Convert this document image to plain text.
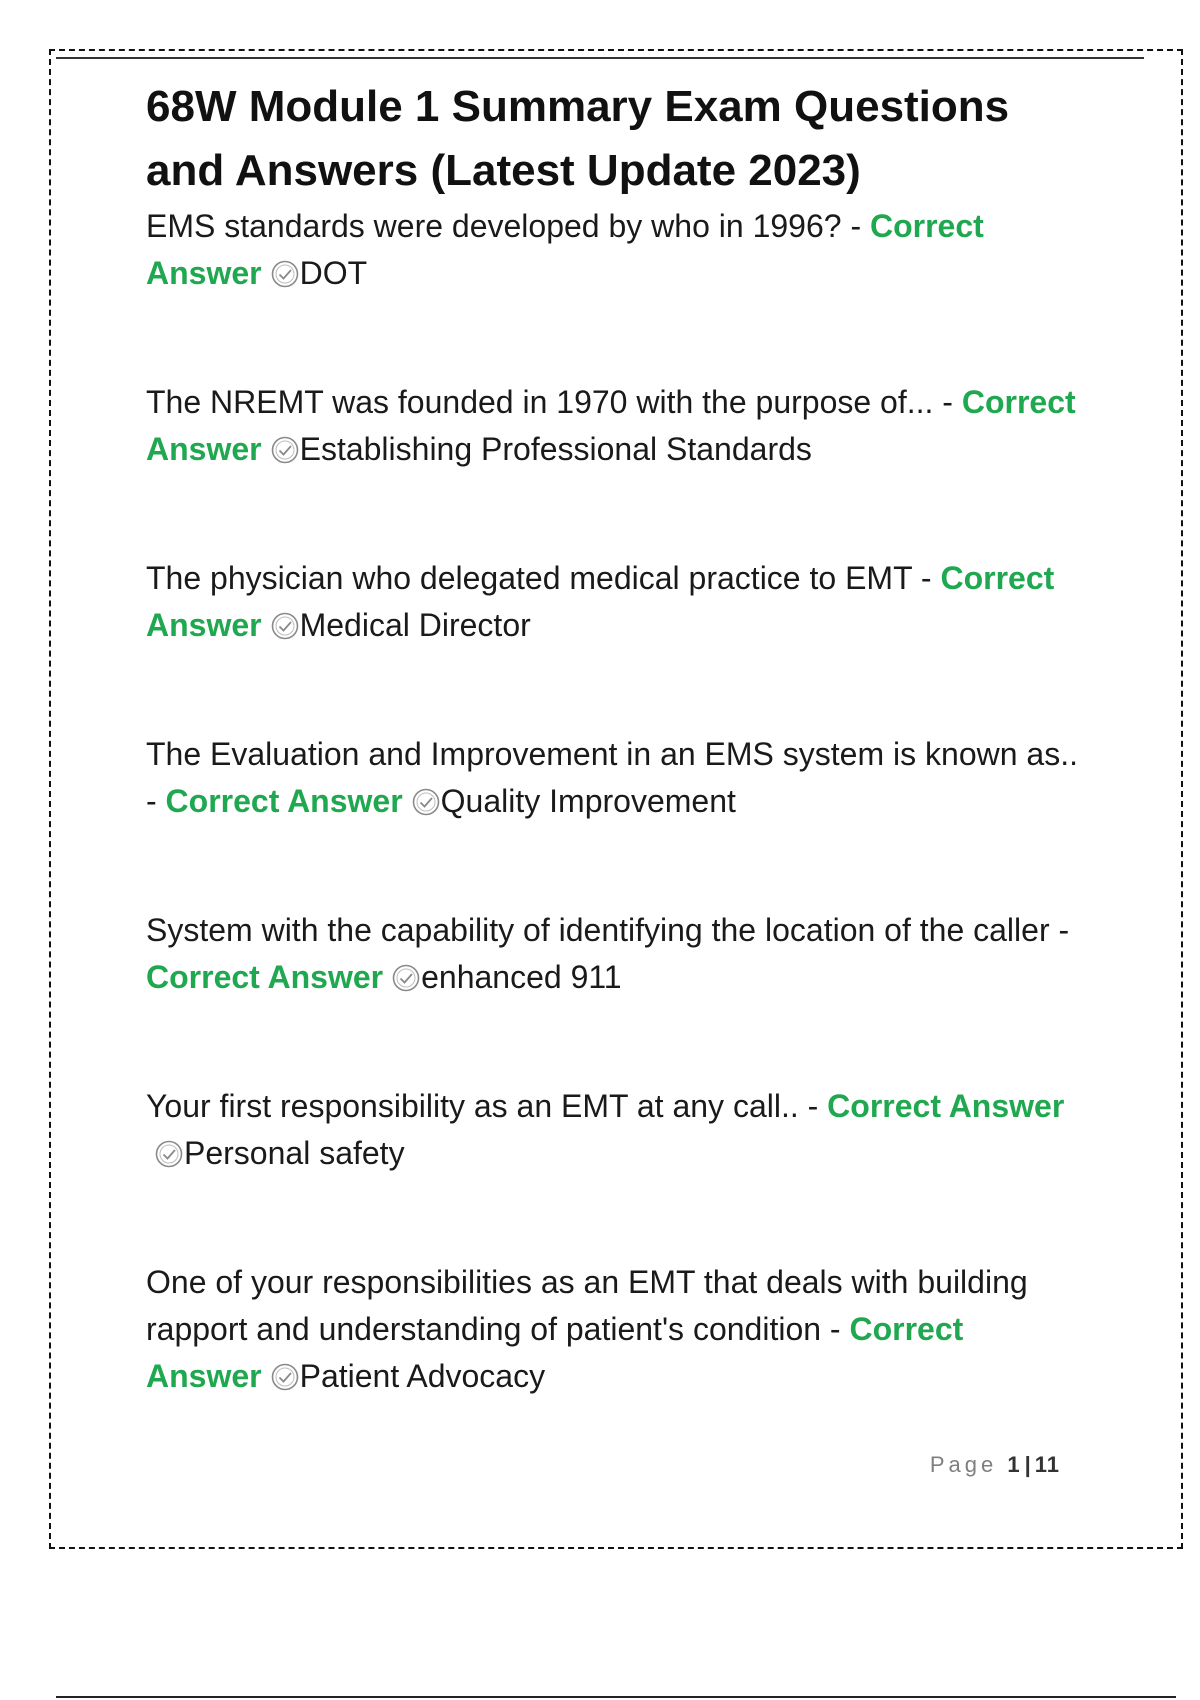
68W Module 1 Summary Exam Questions and Answers (Latest Update 2023)

EMS standards were developed by who in 1996? - Correct Answer DOT

The NREMT was founded in 1970 with the purpose of... - Correct Answer Establishing Professional Standards

The physician who delegated medical practice to EMT - Correct Answer Medical Director

The Evaluation and Improvement in an EMS system is known as.. - Correct Answer Quality Improvement

System with the capability of identifying the location of the caller - Correct Answer enhanced 911

Your first responsibility as an EMT at any call.. - Correct AnswerPersonal safety

One of your responsibilities as an EMT that deals with building rapport and understanding of patient's condition - Correct Answer Patient Advocacy

Page 1 | 11
